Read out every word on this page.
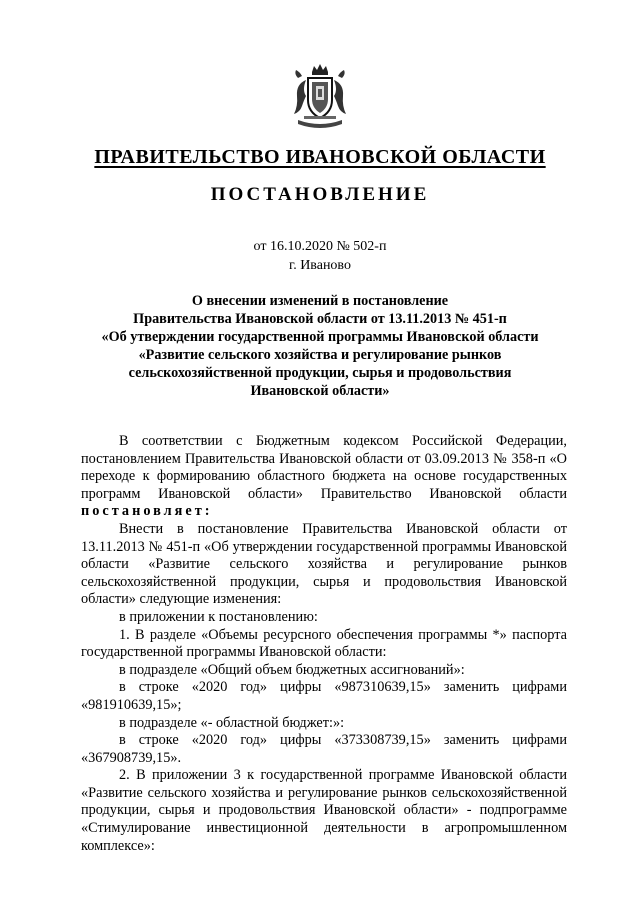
ПРАВИТЕЛЬСТВО ИВАНОВСКОЙ ОБЛАСТИ
ПОСТАНОВЛЕНИЕ
от 16.10.2020 № 502-п
г. Иваново
О внесении изменений в постановление
Правительства Ивановской области от 13.11.2013 № 451-п
«Об утверждении государственной программы Ивановской области
«Развитие сельского хозяйства и регулирование рынков
сельскохозяйственной продукции, сырья и продовольствия
Ивановской области»

В соответствии с Бюджетным кодексом Российской Федерации, постановлением Правительства Ивановской области от 03.09.2013 № 358-п «О переходе к формированию областного бюджета на основе государственных программ Ивановской области» Правительство Ивановской области постановляет:

Внести в постановление Правительства Ивановской области от 13.11.2013 № 451-п «Об утверждении государственной программы Ивановской области «Развитие сельского хозяйства и регулирование рынков сельскохозяйственной продукции, сырья и продовольствия Ивановской области» следующие изменения:

в приложении к постановлению:

1. В разделе «Объемы ресурсного обеспечения программы *» паспорта государственной программы Ивановской области:

в подразделе «Общий объем бюджетных ассигнований»:

в строке «2020 год» цифры «987310639,15» заменить цифрами «981910639,15»;

в подразделе «- областной бюджет:»:

в строке «2020 год» цифры «373308739,15» заменить цифрами «367908739,15».

2. В приложении 3 к государственной программе Ивановской области «Развитие сельского хозяйства и регулирование рынков сельскохозяйственной продукции, сырья и продовольствия Ивановской области» - подпрограмме «Стимулирование инвестиционной деятельности в агропромышленном комплексе»:
